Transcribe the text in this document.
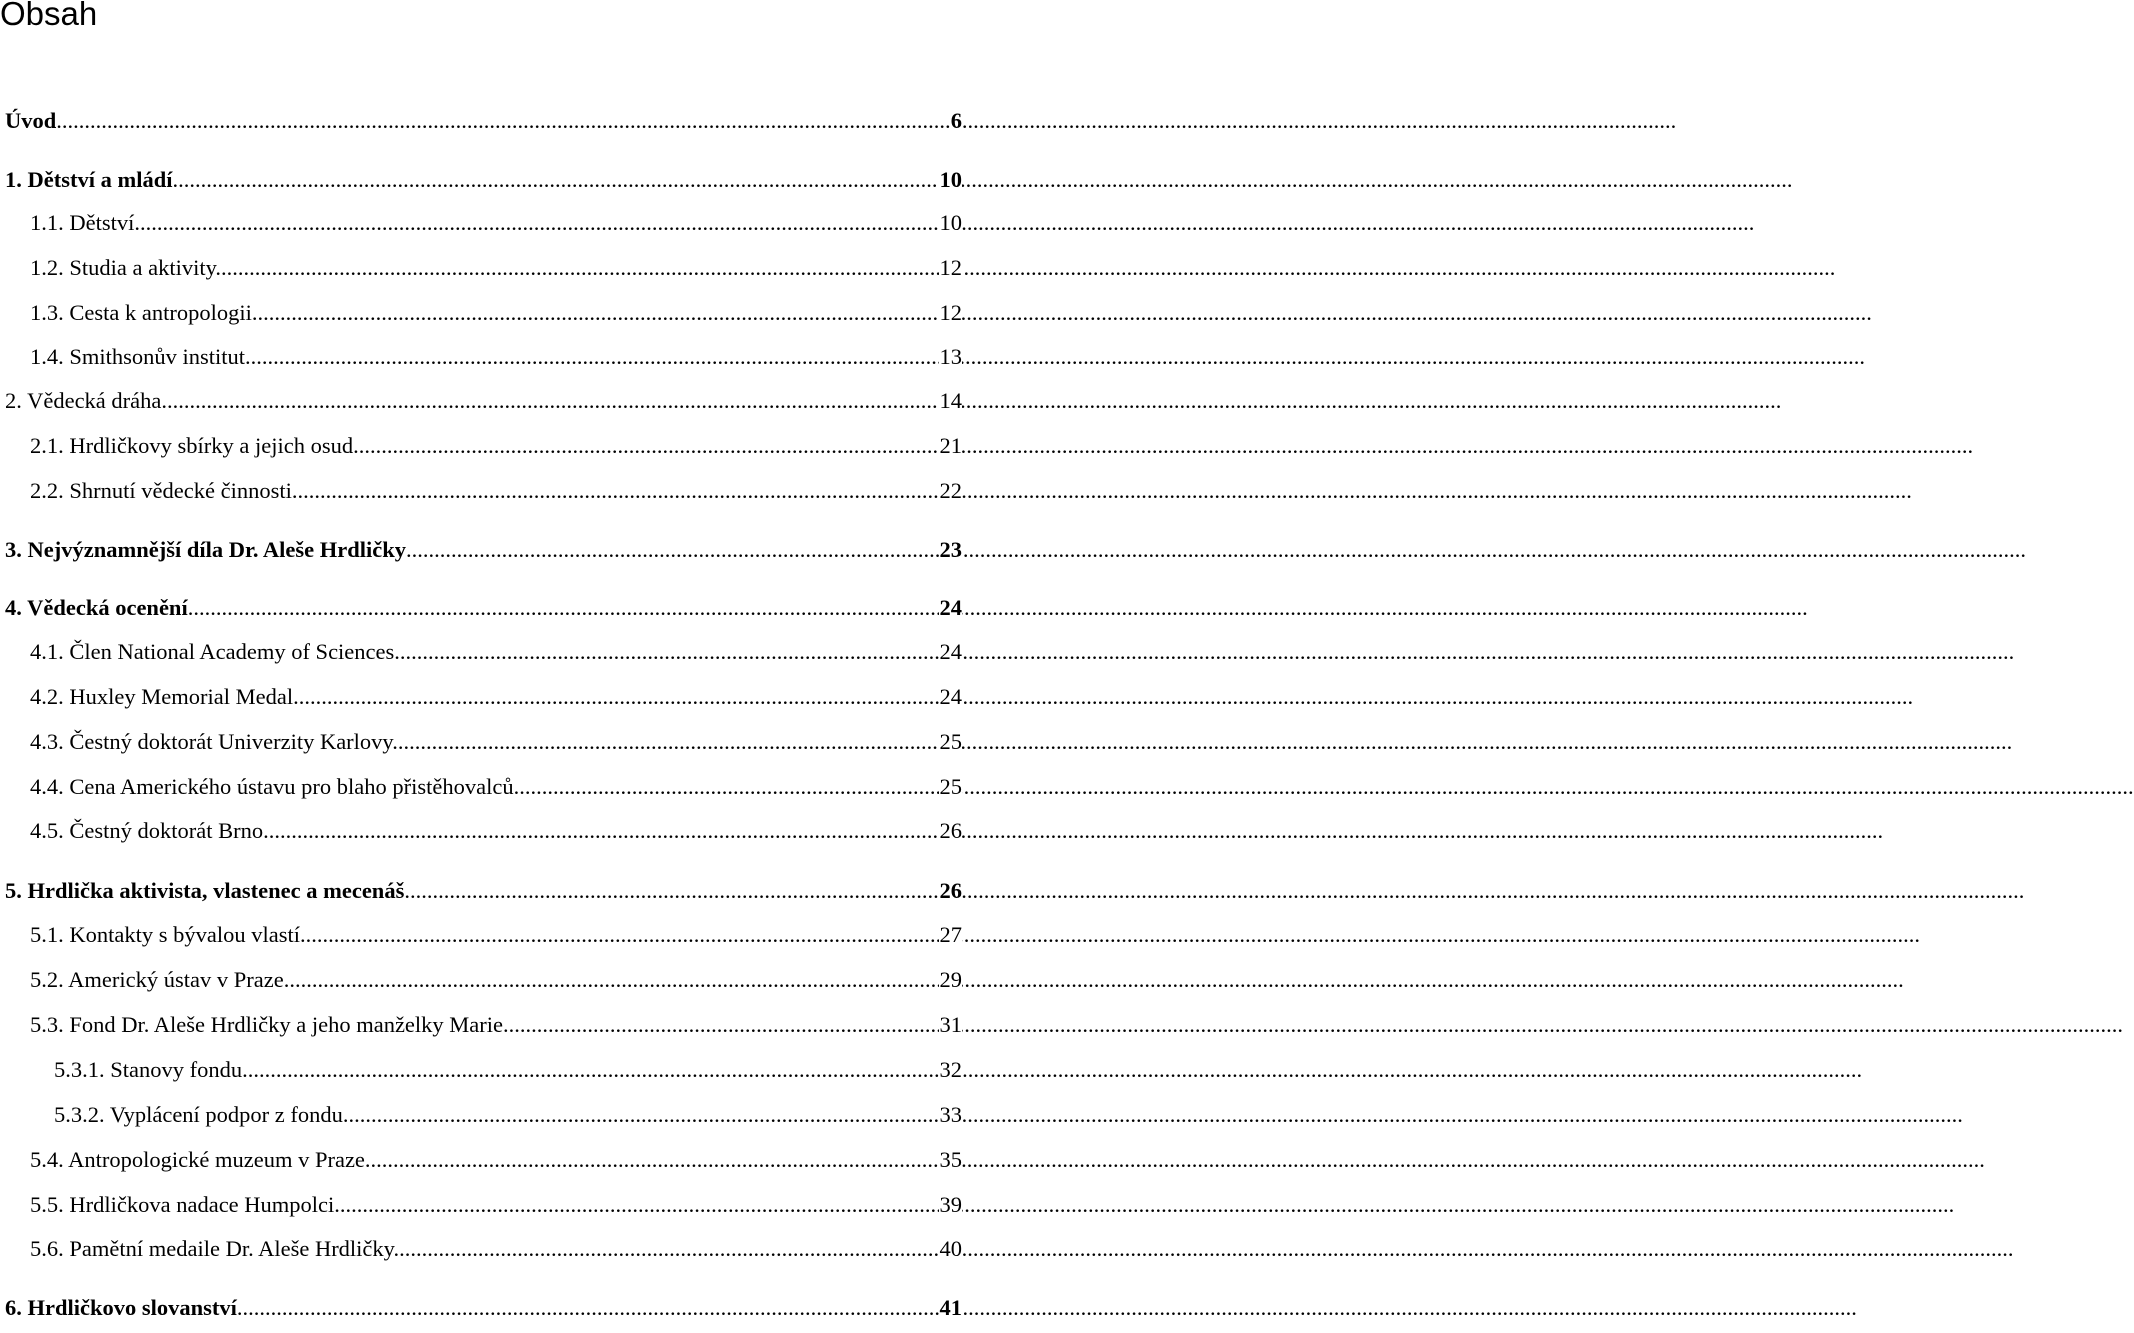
Obsah
Úvod .....	6
1. Dětství a mládí .....	10
1.1. Dětství .....	10
1.2. Studia a aktivity .....	12
1.3. Cesta k antropologii .....	12
1.4. Smithsonův institut .....	13
2. Vědecká dráha .....	14
2.1. Hrdličkovy sbírky a jejich osud .....	21
2.2. Shrnutí vědecké činnosti .....	22
3. Nejvýznamnější díla Dr. Aleše Hrdličky .....	23
4. Vědecká ocenění .....	24
4.1. Člen National Academy of Sciences .....	24
4.2. Huxley Memorial Medal .....	24
4.3. Čestný doktorát Univerzity Karlovy .....	25
4.4. Cena Amerického ústavu pro blaho přistěhovalců .....	25
4.5. Čestný doktorát Brno .....	26
5. Hrdlička aktivista, vlastenec a mecenáš .....	26
5.1. Kontakty s bývalou vlastí .....	27
5.2. Americký ústav v Praze .....	29
5.3. Fond Dr. Aleše Hrdličky a jeho manželky Marie .....	31
5.3.1. Stanovy fondu .....	32
5.3.2. Vyplácení podpor z fondu .....	33
5.4. Antropologické muzeum v Praze .....	35
5.5. Hrdličkova nadace Humpolci .....	39
5.6. Pamětní medaile Dr. Aleše Hrdličky .....	40
6. Hrdličkovo slovanství .....	41
